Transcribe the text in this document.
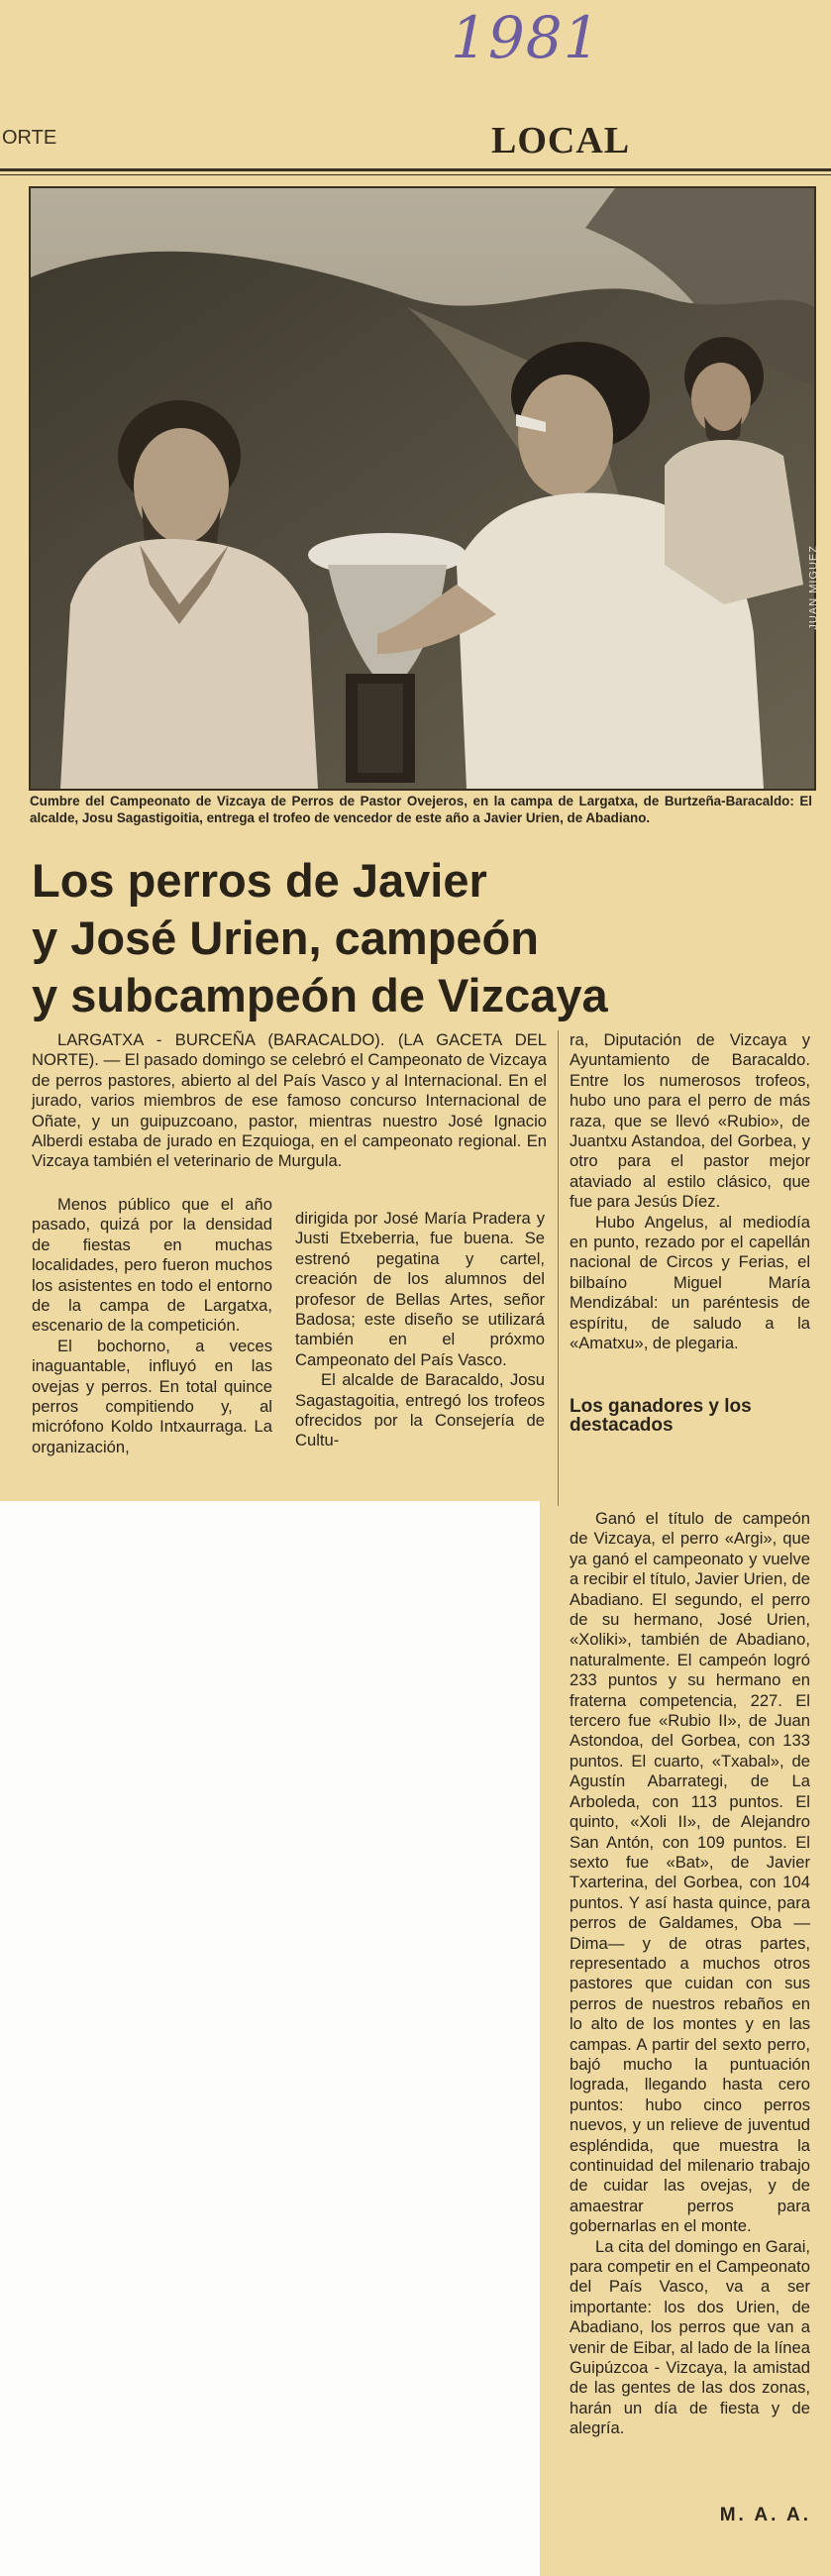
1981
ORTE	LOCAL
JUAN MIGUEZ
Cumbre del Campeonato de Vizcaya de Perros de Pastor Ovejeros, en la campa de Largatxa, de Burtzeña-Baracaldo: El alcalde, Josu Sagastigoitia, entrega el trofeo de vencedor de este año a Javier Urien, de Abadiano.
Los perros de Javier
y José Urien, campeón
y subcampeón de Vizcaya

LARGATXA - BURCEÑA (BARACALDO). (LA GACETA DEL NORTE). — El pasado domingo se celebró el Campeonato de Vizcaya de perros pastores, abierto al del País Vasco y al Internacional. En el jurado, varios miembros de ese famoso concurso Internacional de Oñate, y un guipuzcoano, pastor, mientras nuestro José Ignacio Alberdi estaba de jurado en Ezquioga, en el campeonato regional. En Vizcaya también el veterinario de Murgula.

Menos público que el año pasado, quizá por la densidad de fiestas en muchas localidades, pero fueron muchos los asistentes en todo el entorno de la campa de Largatxa, escenario de la competición.

El bochorno, a veces inaguantable, influyó en las ovejas y perros. En total quince perros compitiendo y, al micrófono Koldo Intxaurraga. La organización,

dirigida por José María Pradera y Justi Etxeberria, fue buena. Se estrenó pegatina y cartel, creación de los alumnos del profesor de Bellas Artes, señor Badosa; este diseño se utilizará también en el próxmo Campeonato del País Vasco.

El alcalde de Baracaldo, Josu Sagastagoitia, entregó los trofeos ofrecidos por la Consejería de Cultu-

ra, Diputación de Vizcaya y Ayuntamiento de Baracaldo. Entre los numerosos trofeos, hubo uno para el perro de más raza, que se llevó «Rubio», de Juantxu Astandoa, del Gorbea, y otro para el pastor mejor ataviado al estilo clásico, que fue para Jesús Díez.

Hubo Angelus, al mediodía en punto, rezado por el capellán nacional de Circos y Ferias, el bilbaíno Miguel María Mendizábal: un paréntesis de espíritu, de saludo a la «Amatxu», de plegaria.

Los ganadores y los destacados

Ganó el título de campeón de Vizcaya, el perro «Argi», que ya ganó el campeonato y vuelve a recibir el título, Javier Urien, de Abadiano. El segundo, el perro de su hermano, José Urien, «Xoliki», también de Abadiano, naturalmente. El campeón logró 233 puntos y su hermano en fraterna competencia, 227. El tercero fue «Rubio II», de Juan Astondoa, del Gorbea, con 133 puntos. El cuarto, «Txabal», de Agustín Abarrategi, de La Arboleda, con 113 puntos. El quinto, «Xoli II», de Alejandro San Antón, con 109 puntos. El sexto fue «Bat», de Javier Txarterina, del Gorbea, con 104 puntos. Y así hasta quince, para perros de Galdames, Oba —Dima— y de otras partes, representado a muchos otros pastores que cuidan con sus perros de nuestros rebaños en lo alto de los montes y en las campas. A partir del sexto perro, bajó mucho la puntuación lograda, llegando hasta cero puntos: hubo cinco perros nuevos, y un relieve de juventud espléndida, que muestra la continuidad del milenario trabajo de cuidar las ovejas, y de amaestrar perros para gobernarlas en el monte.

La cita del domingo en Garai, para competir en el Campeonato del País Vasco, va a ser importante: los dos Urien, de Abadiano, los perros que van a venir de Eibar, al lado de la línea Guipúzcoa - Vizcaya, la amistad de las gentes de las dos zonas, harán un día de fiesta y de alegría.

M. A. A.
